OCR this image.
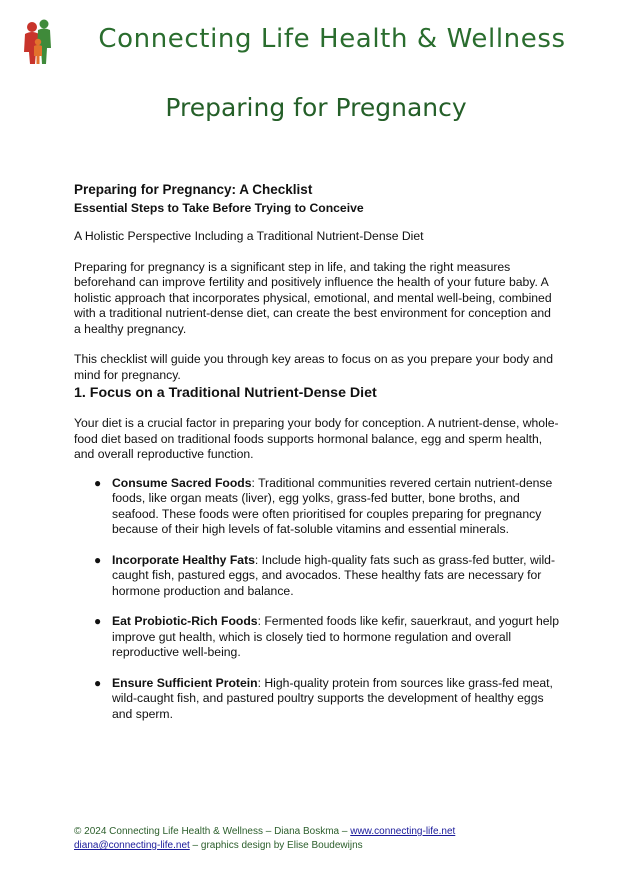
Connecting Life Health & Wellness
Preparing for Pregnancy

Preparing for Pregnancy: A Checklist

Essential Steps to Take Before Trying to Conceive

A Holistic Perspective Including a Traditional Nutrient-Dense Diet

Preparing for pregnancy is a significant step in life, and taking the right measures beforehand can improve fertility and positively influence the health of your future baby. A holistic approach that incorporates physical, emotional, and mental well-being, combined with a traditional nutrient-dense diet, can create the best environment for conception and a healthy pregnancy.

This checklist will guide you through key areas to focus on as you prepare your body and mind for pregnancy.

1. Focus on a Traditional Nutrient-Dense Diet

Your diet is a crucial factor in preparing your body for conception. A nutrient-dense, whole-food diet based on traditional foods supports hormonal balance, egg and sperm health, and overall reproductive function.

● Consume Sacred Foods: Traditional communities revered certain nutrient-dense foods, like organ meats (liver), egg yolks, grass-fed butter, bone broths, and seafood. These foods were often prioritised for couples preparing for pregnancy because of their high levels of fat-soluble vitamins and essential minerals.
● Incorporate Healthy Fats: Include high-quality fats such as grass-fed butter, wild-caught fish, pastured eggs, and avocados. These healthy fats are necessary for hormone production and balance.
● Eat Probiotic-Rich Foods: Fermented foods like kefir, sauerkraut, and yogurt help improve gut health, which is closely tied to hormone regulation and overall reproductive well-being.
● Ensure Sufficient Protein: High-quality protein from sources like grass-fed meat, wild-caught fish, and pastured poultry supports the development of healthy eggs and sperm.
© 2024 Connecting Life Health & Wellness – Diana Boskma – www.connecting-life.net
diana@connecting-life.net – graphics design by Elise Boudewijns
